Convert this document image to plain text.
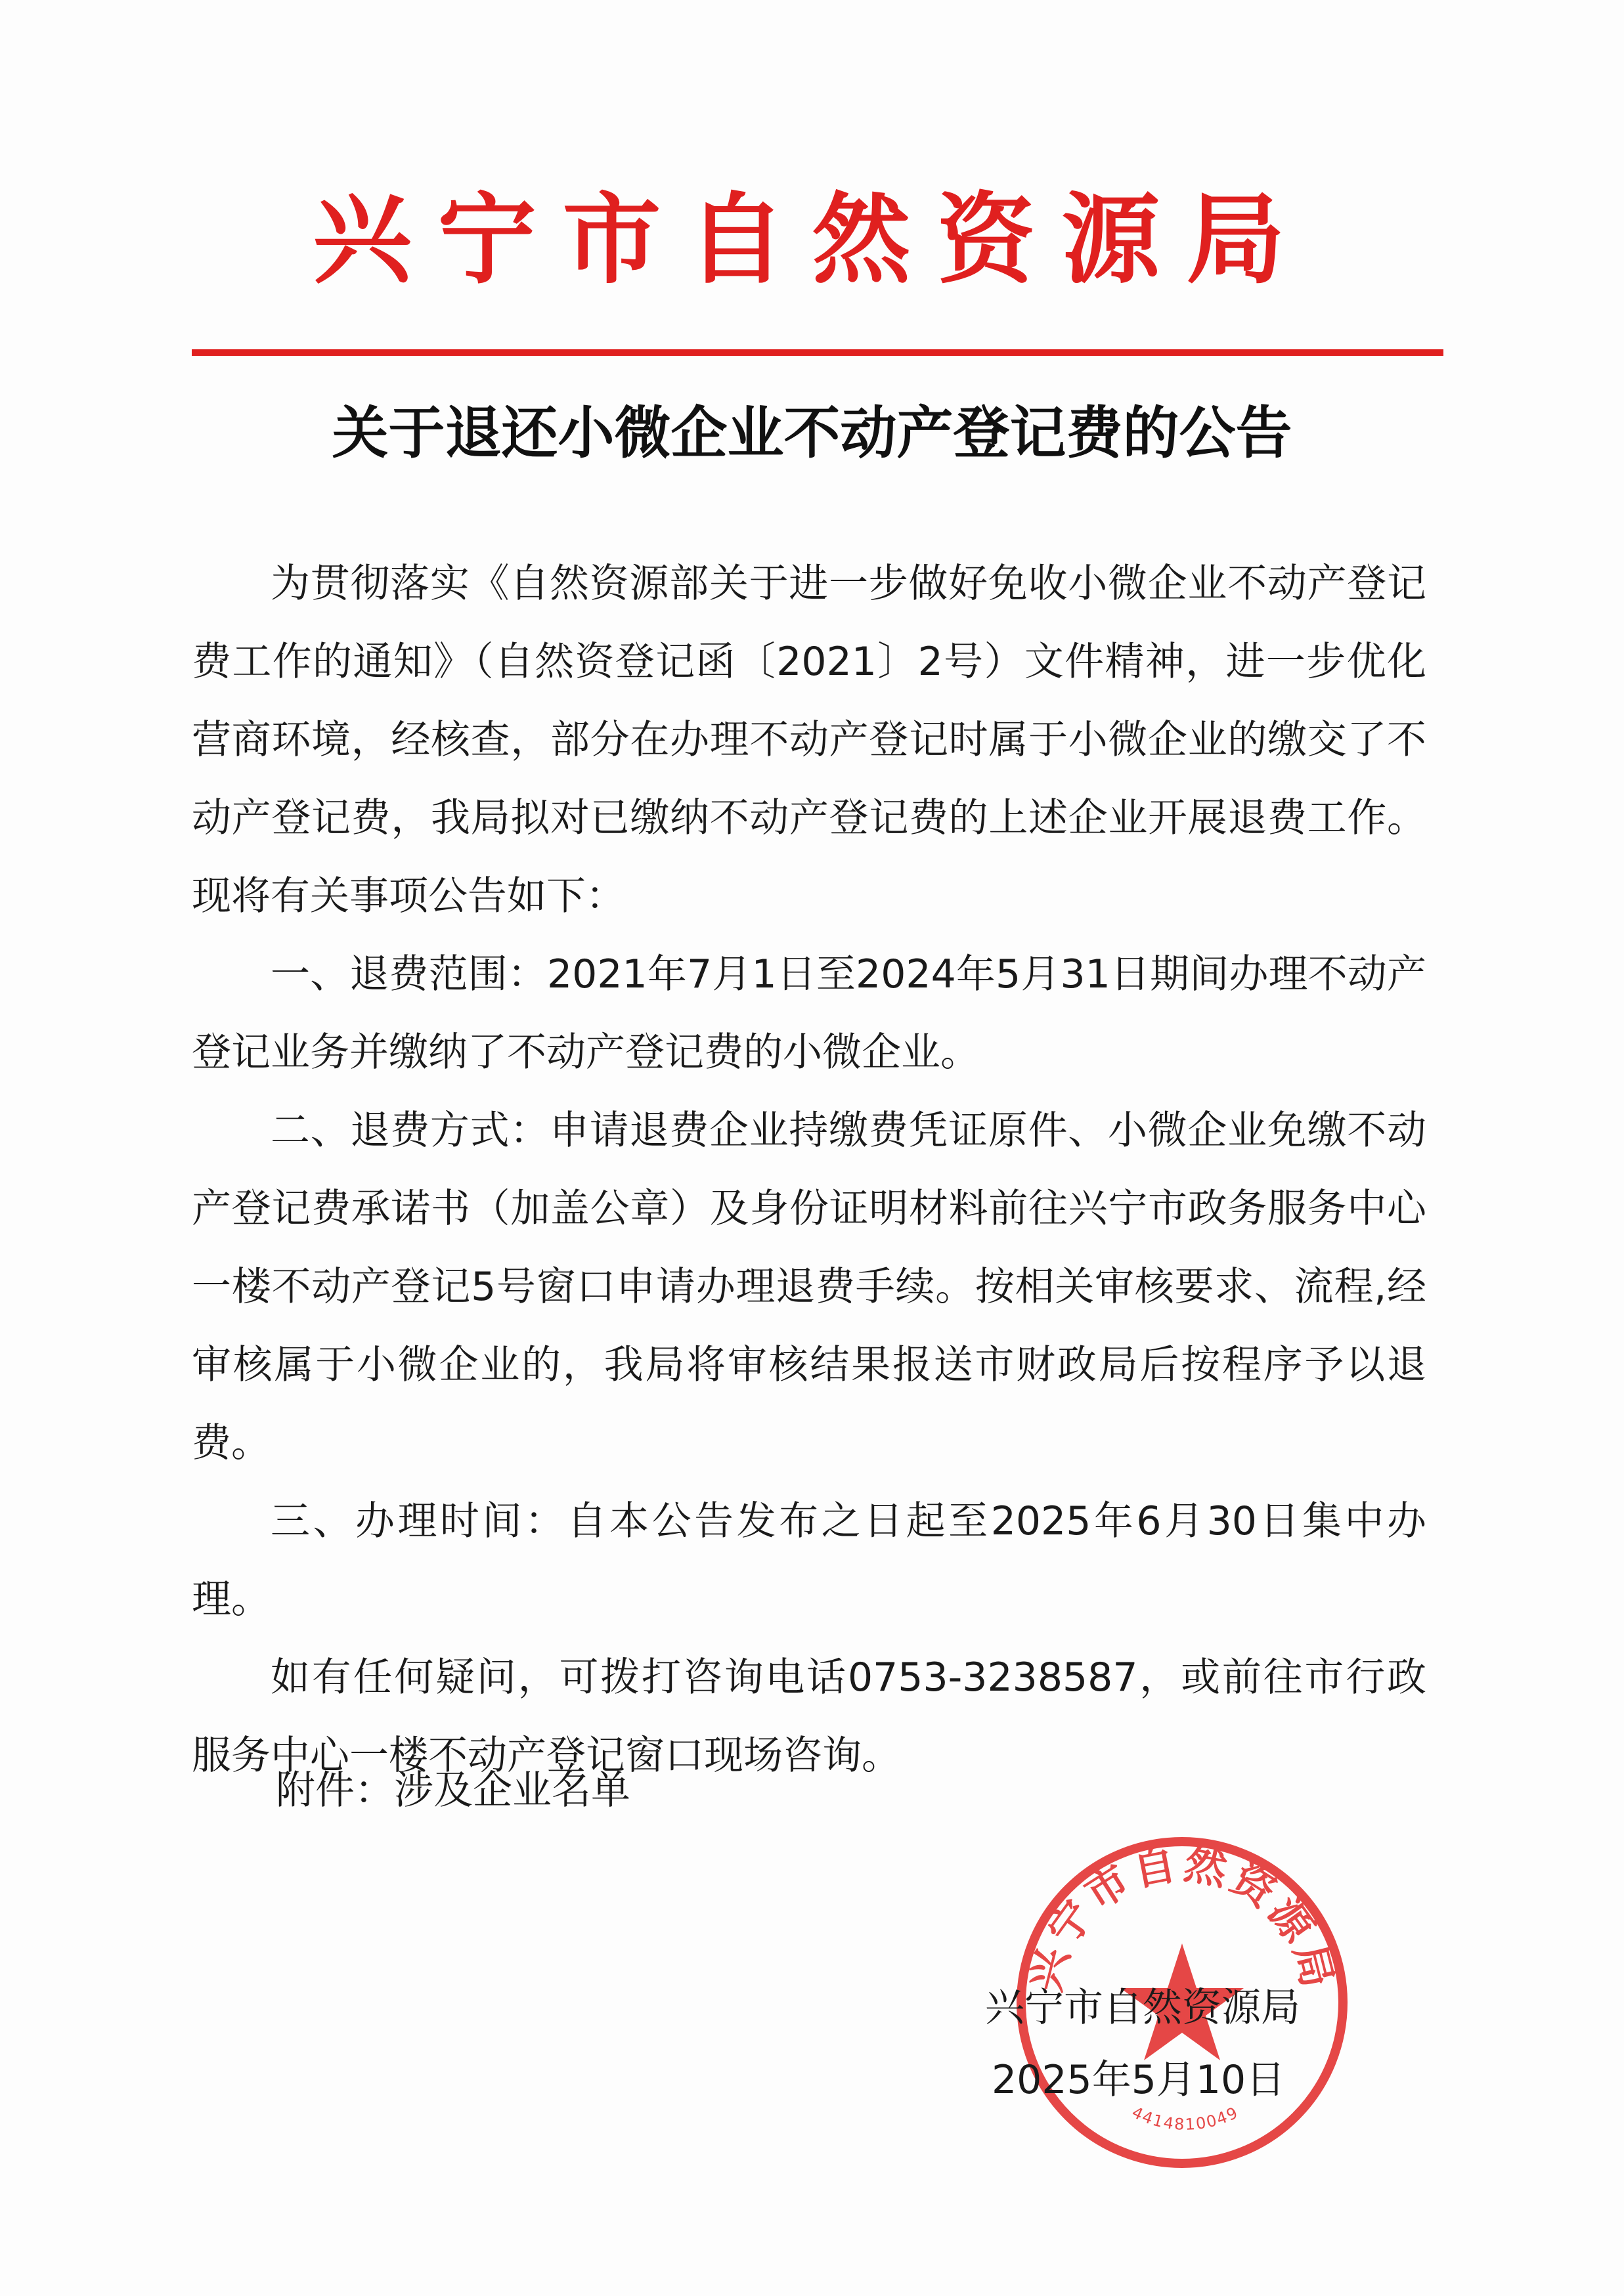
兴宁市自然资源局
关于退还小微企业不动产登记费的公告

为贯彻落实《自然资源部关于进一步做好免收小微企业不动产登记费工作的通知》（自然资登记函〔2021〕2号）文件精神，进一步优化营商环境，经核查，部分在办理不动产登记时属于小微企业的缴交了不动产登记费，我局拟对已缴纳不动产登记费的上述企业开展退费工作。现将有关事项公告如下：

一、退费范围：2021年7月1日至2024年5月31日期间办理不动产登记业务并缴纳了不动产登记费的小微企业。

二、退费方式：申请退费企业持缴费凭证原件、小微企业免缴不动产登记费承诺书（加盖公章）及身份证明材料前往兴宁市政务服务中心一楼不动产登记5号窗口申请办理退费手续。按相关审核要求、流程,经审核属于小微企业的，我局将审核结果报送市财政局后按程序予以退费。

三、办理时间：自本公告发布之日起至2025年6月30日集中办理。

如有任何疑问，可拨打咨询电话0753-3238587，或前往市行政服务中心一楼不动产登记窗口现场咨询。

附件：涉及企业名单
兴宁市自然资源局
4414810049
兴宁市自然资源局
2025年5月10日
